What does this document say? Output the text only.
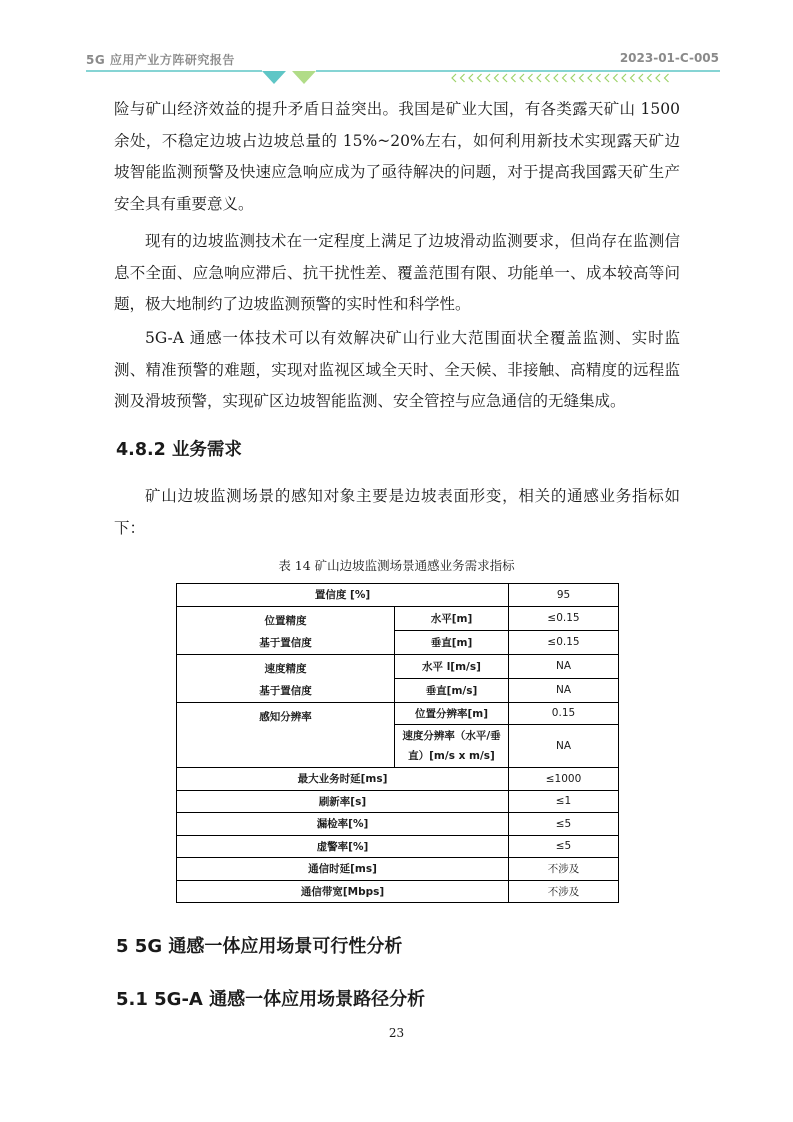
5G 应用产业方阵研究报告	2023-01-C-005

险与矿山经济效益的提升矛盾日益突出。我国是矿业大国，有各类露天矿山 1500 余处，不稳定边坡占边坡总量的 15%~20%左右，如何利用新技术实现露天矿边坡智能监测预警及快速应急响应成为了亟待解决的问题，对于提高我国露天矿生产安全具有重要意义。

现有的边坡监测技术在一定程度上满足了边坡滑动监测要求，但尚存在监测信息不全面、应急响应滞后、抗干扰性差、覆盖范围有限、功能单一、成本较高等问题，极大地制约了边坡监测预警的实时性和科学性。

5G-A 通感一体技术可以有效解决矿山行业大范围面状全覆盖监测、实时监测、精准预警的难题，实现对监视区域全天时、全天候、非接触、高精度的远程监测及滑坡预警，实现矿区边坡智能监测、安全管控与应急通信的无缝集成。

4.8.2 业务需求

矿山边坡监测场景的感知对象主要是边坡表面形变，相关的通感业务指标如下：

表 14 矿山边坡监测场景通感业务需求指标
置信度 [%]		95

位置精度
基于置信度	水平[m]	≤0.15
	垂直[m]	≤0.15

速度精度
基于置信度	水平 l[m/s]	NA
	垂直[m/s]	NA

感知分辨率	位置分辨率[m]	0.15

	速度分辨率（水平/垂
直）[m/s x m/s]	NA
最大业务时延[ms]		≤1000
刷新率[s]		≤1
漏检率[%]		≤5
虚警率[%]		≤5
通信时延[ms]		不涉及
通信带宽[Mbps]		不涉及
5 5G 通感一体应用场景可行性分析
5.1 5G-A 通感一体应用场景路径分析
23
